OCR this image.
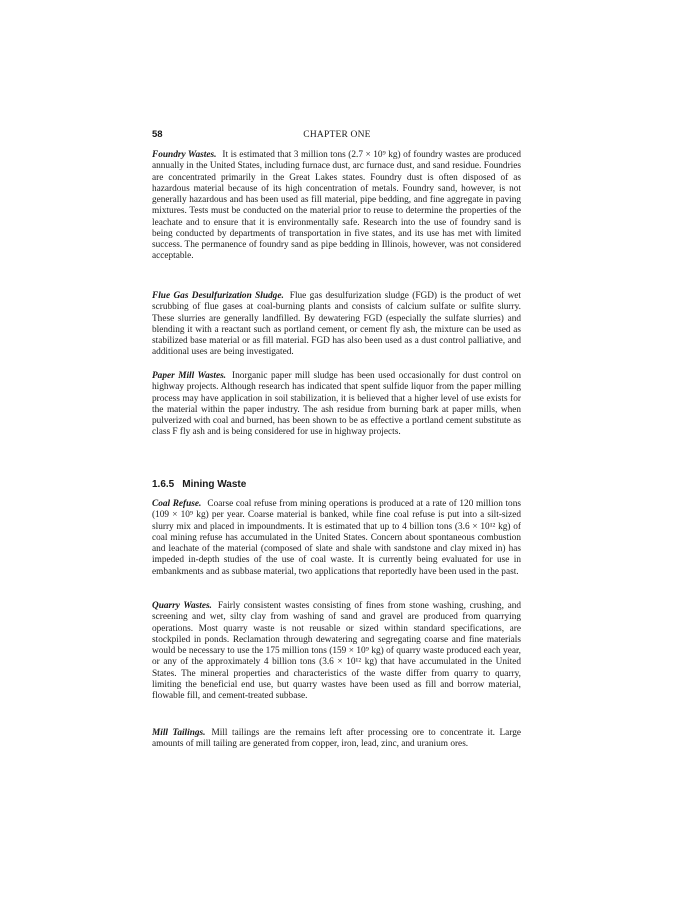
58	CHAPTER ONE

Foundry Wastes. It is estimated that 3 million tons (2.7 × 10⁹ kg) of foundry wastes are produced annually in the United States, including furnace dust, arc furnace dust, and sand residue. Foundries are concentrated primarily in the Great Lakes states. Foundry dust is often disposed of as hazardous material because of its high concentration of metals. Foundry sand, however, is not generally hazardous and has been used as fill material, pipe bedding, and fine aggregate in paving mixtures. Tests must be conducted on the material prior to reuse to determine the properties of the leachate and to ensure that it is environmentally safe. Research into the use of foundry sand is being conducted by departments of transportation in five states, and its use has met with limited success. The permanence of foundry sand as pipe bedding in Illinois, however, was not considered acceptable.

Flue Gas Desulfurization Sludge. Flue gas desulfurization sludge (FGD) is the product of wet scrubbing of flue gases at coal-burning plants and consists of calcium sulfate or sulfite slurry. These slurries are generally landfilled. By dewatering FGD (especially the sulfate slurries) and blending it with a reactant such as portland cement, or cement fly ash, the mixture can be used as stabilized base material or as fill material. FGD has also been used as a dust control palliative, and additional uses are being investigated.

Paper Mill Wastes. Inorganic paper mill sludge has been used occasionally for dust control on highway projects. Although research has indicated that spent sulfide liquor from the paper milling process may have application in soil stabilization, it is believed that a higher level of use exists for the material within the paper industry. The ash residue from burning bark at paper mills, when pulverized with coal and burned, has been shown to be as effective a portland cement substitute as class F fly ash and is being considered for use in highway projects.

1.6.5 Mining Waste

Coal Refuse. Coarse coal refuse from mining operations is produced at a rate of 120 million tons (109 × 10⁹ kg) per year. Coarse material is banked, while fine coal refuse is put into a silt-sized slurry mix and placed in impoundments. It is estimated that up to 4 billion tons (3.6 × 10¹² kg) of coal mining refuse has accumulated in the United States. Concern about spontaneous combustion and leachate of the material (composed of slate and shale with sandstone and clay mixed in) has impeded in-depth studies of the use of coal waste. It is currently being evaluated for use in embankments and as subbase material, two applications that reportedly have been used in the past.

Quarry Wastes. Fairly consistent wastes consisting of fines from stone washing, crushing, and screening and wet, silty clay from washing of sand and gravel are produced from quarrying operations. Most quarry waste is not reusable or sized within standard specifications, are stockpiled in ponds. Reclamation through dewatering and segregating coarse and fine materials would be necessary to use the 175 million tons (159 × 10⁹ kg) of quarry waste produced each year, or any of the approximately 4 billion tons (3.6 × 10¹² kg) that have accumulated in the United States. The mineral properties and characteristics of the waste differ from quarry to quarry, limiting the beneficial end use, but quarry wastes have been used as fill and borrow material, flowable fill, and cement-treated subbase.

Mill Tailings. Mill tailings are the remains left after processing ore to concentrate it. Large amounts of mill tailing are generated from copper, iron, lead, zinc, and uranium ores.
